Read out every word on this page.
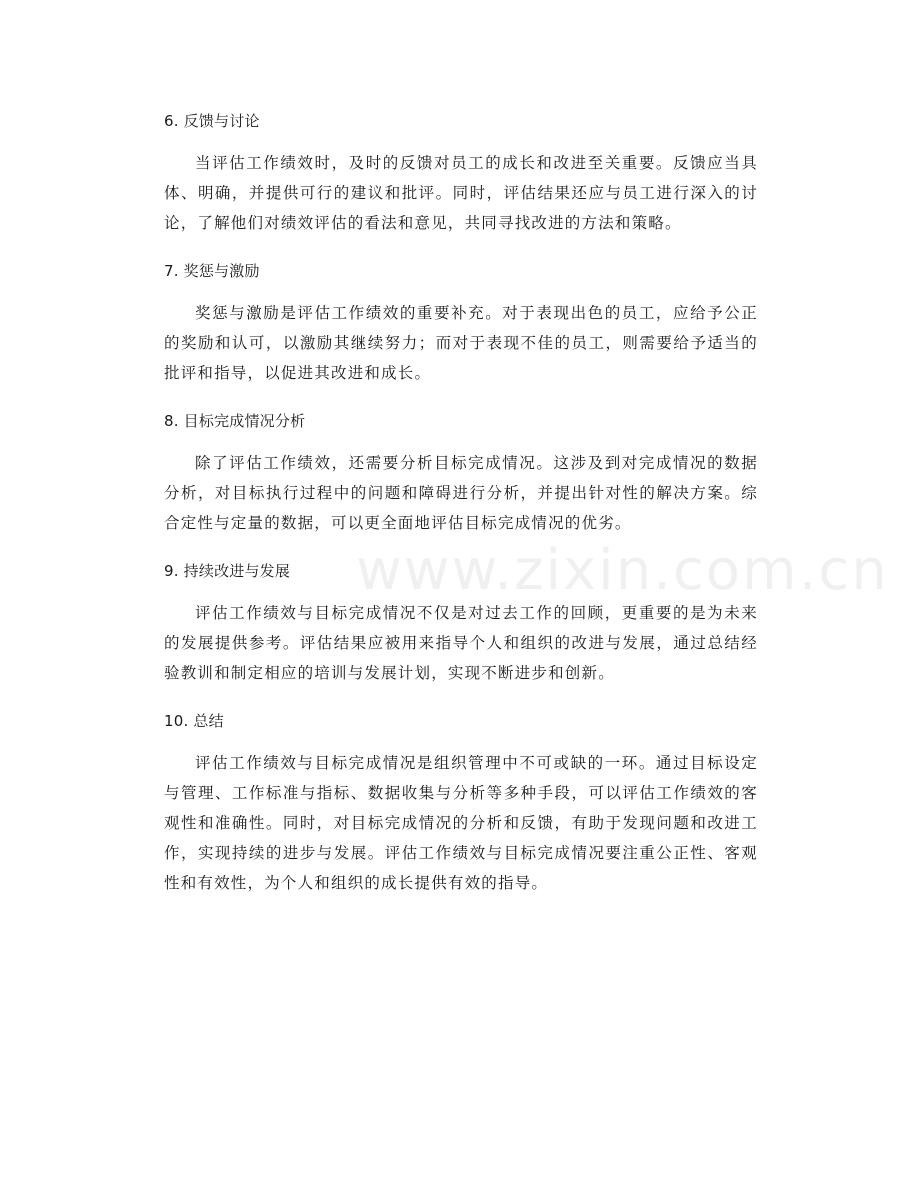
6. 反馈与讨论

当评估工作绩效时，及时的反馈对员工的成长和改进至关重要。反馈应当具体、明确，并提供可行的建议和批评。同时，评估结果还应与员工进行深入的讨论，了解他们对绩效评估的看法和意见，共同寻找改进的方法和策略。

7. 奖惩与激励

奖惩与激励是评估工作绩效的重要补充。对于表现出色的员工，应给予公正的奖励和认可，以激励其继续努力；而对于表现不佳的员工，则需要给予适当的批评和指导，以促进其改进和成长。

8. 目标完成情况分析

除了评估工作绩效，还需要分析目标完成情况。这涉及到对完成情况的数据分析，对目标执行过程中的问题和障碍进行分析，并提出针对性的解决方案。综合定性与定量的数据，可以更全面地评估目标完成情况的优劣。

9. 持续改进与发展

评估工作绩效与目标完成情况不仅是对过去工作的回顾，更重要的是为未来的发展提供参考。评估结果应被用来指导个人和组织的改进与发展，通过总结经验教训和制定相应的培训与发展计划，实现不断进步和创新。

10. 总结

评估工作绩效与目标完成情况是组织管理中不可或缺的一环。通过目标设定与管理、工作标准与指标、数据收集与分析等多种手段，可以评估工作绩效的客观性和准确性。同时，对目标完成情况的分析和反馈，有助于发现问题和改进工作，实现持续的进步与发展。评估工作绩效与目标完成情况要注重公正性、客观性和有效性，为个人和组织的成长提供有效的指导。

www.zixin.com.cn
